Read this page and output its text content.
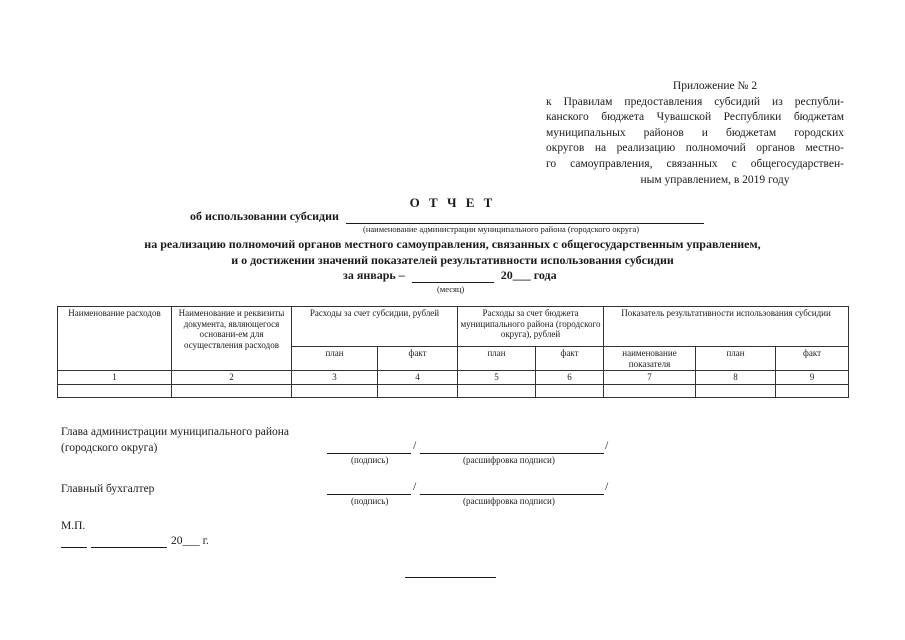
Приложение № 2
к Правилам предоставления субсидий из республи-
канского бюджета Чувашской Республики бюджетам
муниципальных районов и бюджетам городских
округов на реализацию полномочий органов местно-
го самоуправления, связанных с общегосударствен-
ным управлением, в 2019 году
О Т Ч Е Т
об использовании субсидии
(наименование администрации муниципального района (городского округа)
на реализацию полномочий органов местного самоуправления, связанных с общегосударственным управлением,
и о достижении значений показателей результативности использования субсидии
за январь –	20___ года
(месяц)
Наименование расходов	Наименование и реквизиты документа, являющегося основани-ем для осуществления расходов	Расходы за счет субсидии, рублей		Расходы за счет бюджета муниципального района (городского округа), рублей		Показатель результативности использования субсидии		
		план	факт	план	факт	наименование показателя	план	факт
1	2	3	4	5	6	7	8	9

Глава администрации муниципального района
(городского округа)	/	/
(подпись)	(расшифровка подписи)
Главный бухгалтер	/	/
(подпись)	(расшифровка подписи)
М.П.
20___ г.
